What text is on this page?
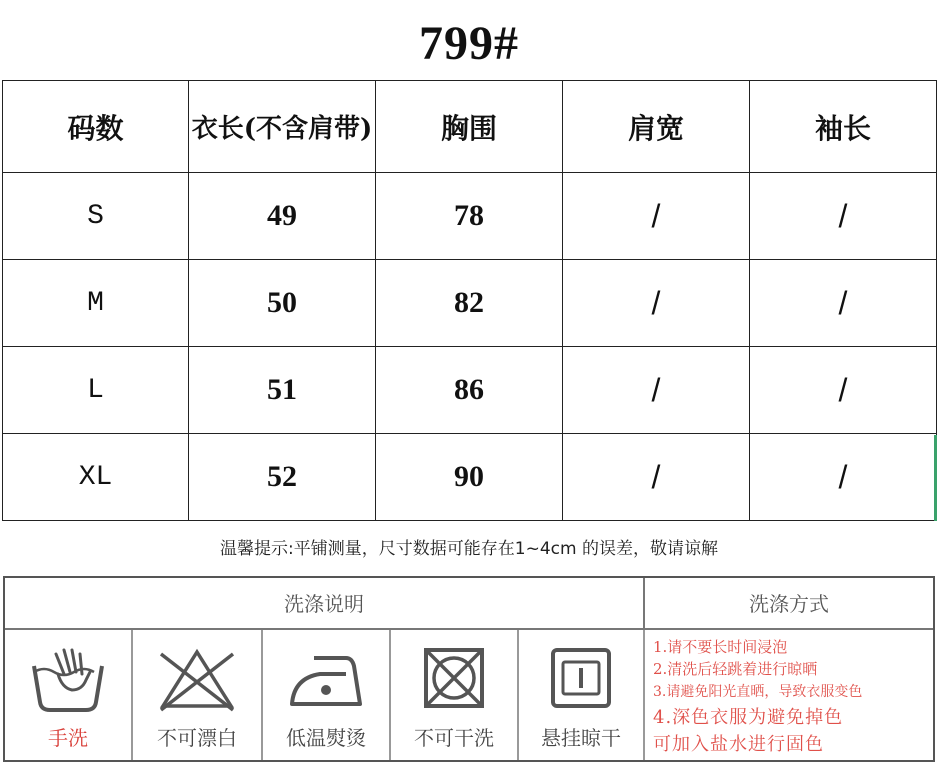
799#
码数	衣长(不含肩带)	胸围	肩宽	袖长
S	49	78	/	/
M	50	82	/	/
L	51	86	/	/
XL	52	90	/	/
温馨提示:平铺测量，尺寸数据可能存在1~4cm 的误差，敬请谅解
洗涤说明	洗涤方式
手洗	不可漂白	低温熨烫	不可干洗	悬挂晾干
1.请不要长时间浸泡
2.清洗后轻跳着进行晾晒
3.请避免阳光直晒，导致衣服变色
4.深色衣服为避免掉色
可加入盐水进行固色
